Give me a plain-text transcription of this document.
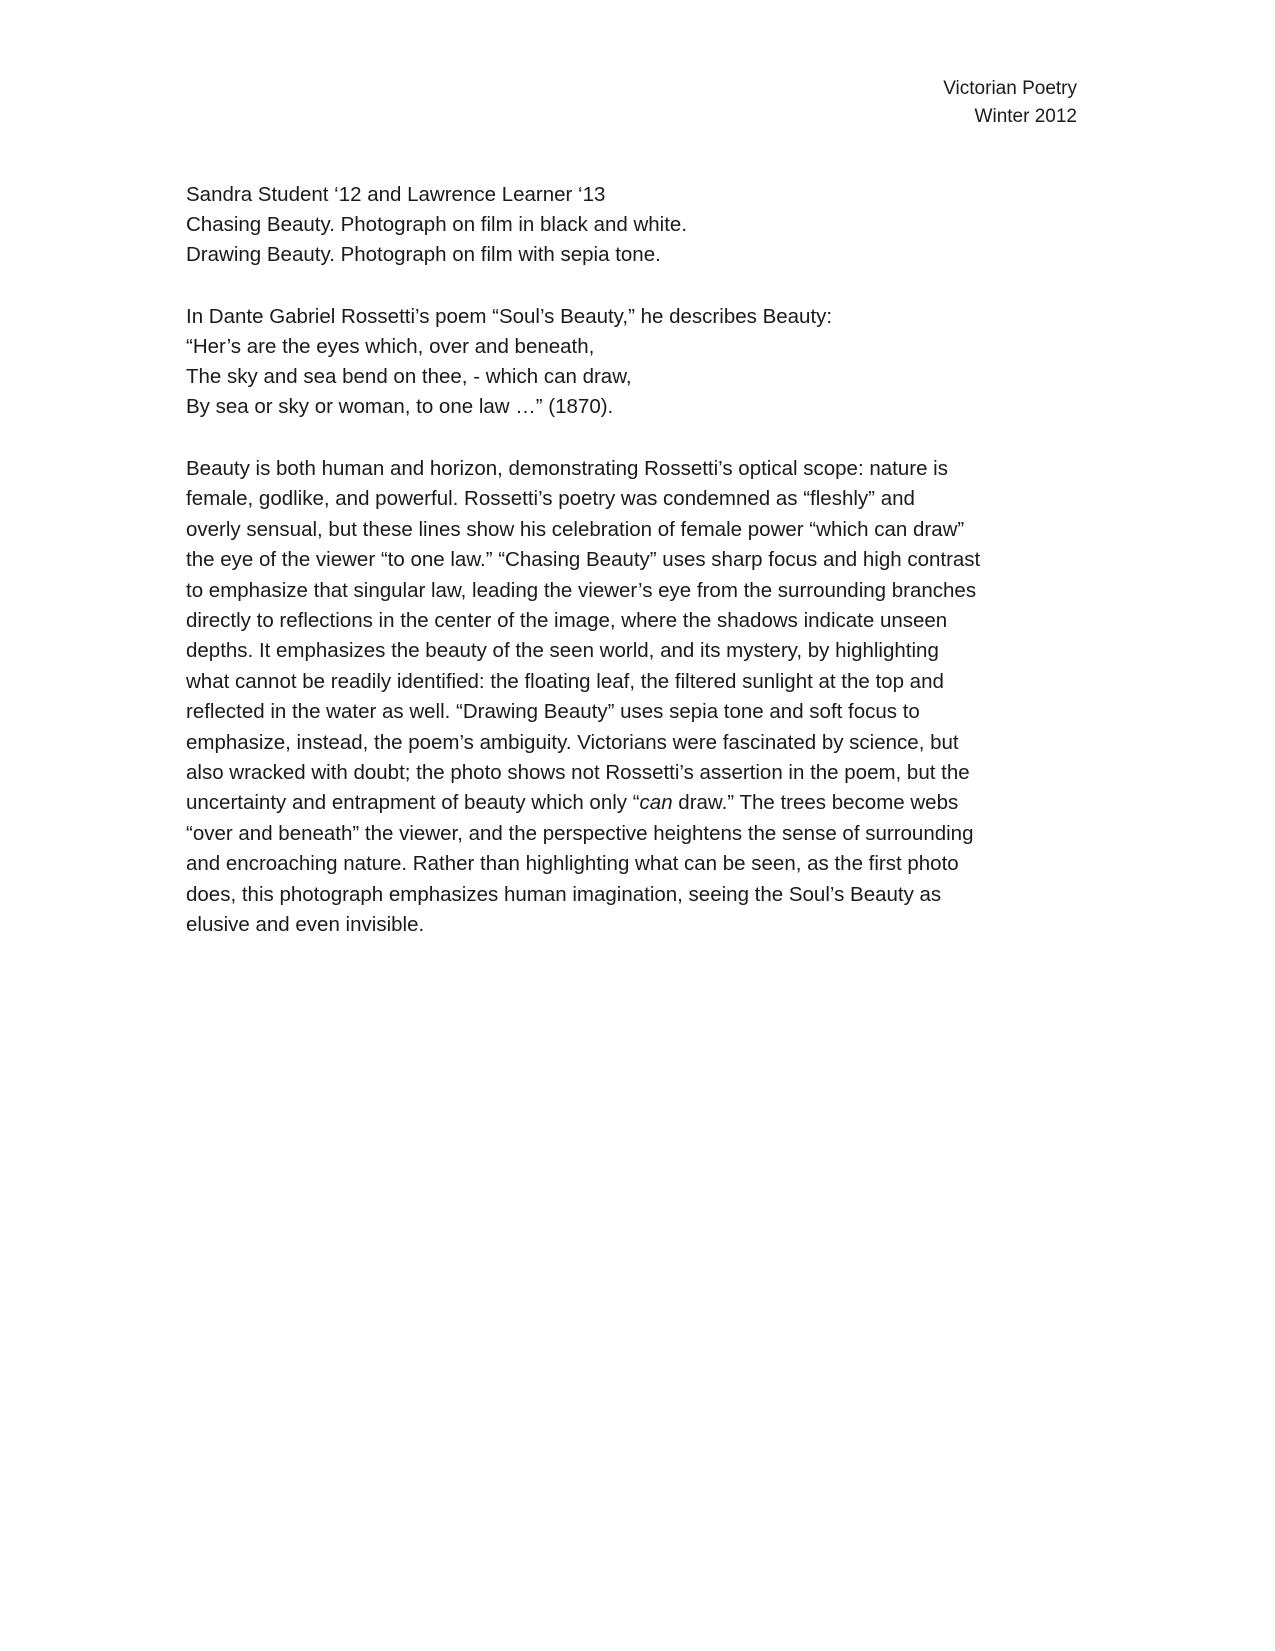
Victorian Poetry
Winter 2012
Sandra Student ‘12 and Lawrence Learner ‘13
Chasing Beauty. Photograph on film in black and white.
Drawing Beauty. Photograph on film with sepia tone.
In Dante Gabriel Rossetti’s poem “Soul’s Beauty,” he describes Beauty:
“Her’s are the eyes which, over and beneath,
The sky and sea bend on thee, - which can draw,
By sea or sky or woman, to one law …” (1870).
Beauty is both human and horizon, demonstrating Rossetti’s optical scope: nature is
female, godlike, and powerful. Rossetti’s poetry was condemned as “fleshly” and
overly sensual, but these lines show his celebration of female power “which can draw”
the eye of the viewer “to one law.” “Chasing Beauty” uses sharp focus and high contrast
to emphasize that singular law, leading the viewer’s eye from the surrounding branches
directly to reflections in the center of the image, where the shadows indicate unseen
depths. It emphasizes the beauty of the seen world, and its mystery, by highlighting
what cannot be readily identified: the floating leaf, the filtered sunlight at the top and
reflected in the water as well. “Drawing Beauty” uses sepia tone and soft focus to
emphasize, instead, the poem’s ambiguity. Victorians were fascinated by science, but
also wracked with doubt; the photo shows not Rossetti’s assertion in the poem, but the
uncertainty and entrapment of beauty which only “can draw.” The trees become webs
“over and beneath” the viewer, and the perspective heightens the sense of surrounding
and encroaching nature. Rather than highlighting what can be seen, as the first photo
does, this photograph emphasizes human imagination, seeing the Soul’s Beauty as
elusive and even invisible.
